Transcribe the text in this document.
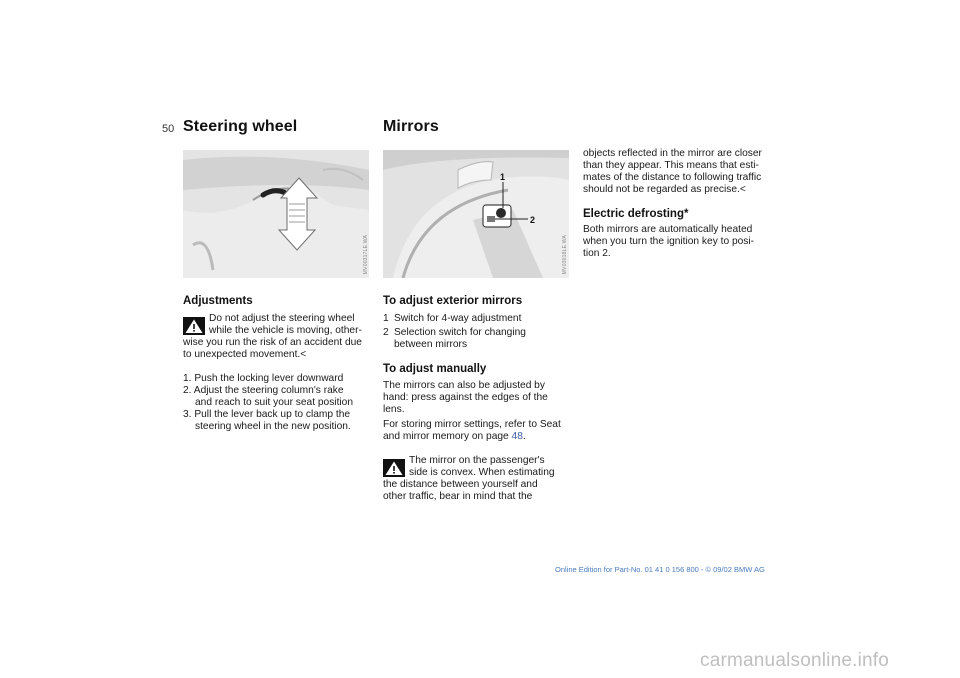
50 Steering wheel
MV00317LE.WA
Adjustments
Do not adjust the steering wheel
while the vehicle is moving, other-
wise you run the risk of an accident due
to unexpected movement.<
1. Push the locking lever downward
2. Adjust the steering column's rake
and reach to suit your seat position
3. Pull the lever back up to clamp the
steering wheel in the new position.
Mirrors
1
2
MV03018LE.WA
To adjust exterior mirrors
1 Switch for 4-way adjustment
2 Selection switch for changing
between mirrors
To adjust manually
The mirrors can also be adjusted by
hand: press against the edges of the
lens.
For storing mirror settings, refer to Seat
and mirror memory on page 48.
The mirror on the passenger's
side is convex. When estimating
the distance between yourself and
other traffic, bear in mind that the
objects reflected in the mirror are closer
than they appear. This means that esti-
mates of the distance to following traffic
should not be regarded as precise.<
Electric defrosting*
Both mirrors are automatically heated
when you turn the ignition key to posi-
tion 2.
Online Edition for Part-No. 01 41 0 156 800 - © 09/02 BMW AG
carmanualsonline.info
